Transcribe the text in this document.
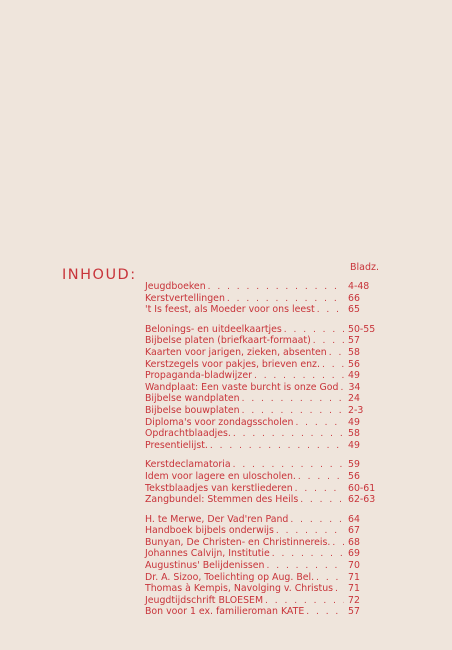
INHOUD:	Bladz.
Jeugdboeken . . .	4-48
Kerstvertellingen . . .	66
't Is feest, als Moeder voor ons leest . . .	65
Belonings- en uitdeelkaartjes . . .	50-55
Bijbelse platen (briefkaart-formaat) . . .	57
Kaarten voor jarigen, zieken, absenten . . .	58
Kerstzegels voor pakjes, brieven enz. . . .	56
Propaganda-bladwijzer . . .	49
Wandplaat: Een vaste burcht is onze God . . .	34
Bijbelse wandplaten . . .	24
Bijbelse bouwplaten . . .	2-3
Diploma's voor zondagsscholen . . .	49
Opdrachtblaadjes. . . .	58
Presentielijst. . . .	49
Kerstdeclamatoria . . .	59
Idem voor lagere en uloscholen. . . .	56
Tekstblaadjes van kerstliederen . . .	60-61
Zangbundel: Stemmen des Heils . . .	62-63
H. te Merwe, Der Vad'ren Pand . . .	64
Handboek bijbels onderwijs . . .	67
Bunyan, De Christen- en Christinnereis. . . .	68
Johannes Calvijn, Institutie . . .	69
Augustinus' Belijdenissen . . .	70
Dr. A. Sizoo, Toelichting op Aug. Bel. . . .	71
Thomas à Kempis, Navolging v. Christus . . .	71
Jeugdtijdschrift BLOESEM . . .	72
Bon voor 1 ex. familieroman KATE . . .	57
